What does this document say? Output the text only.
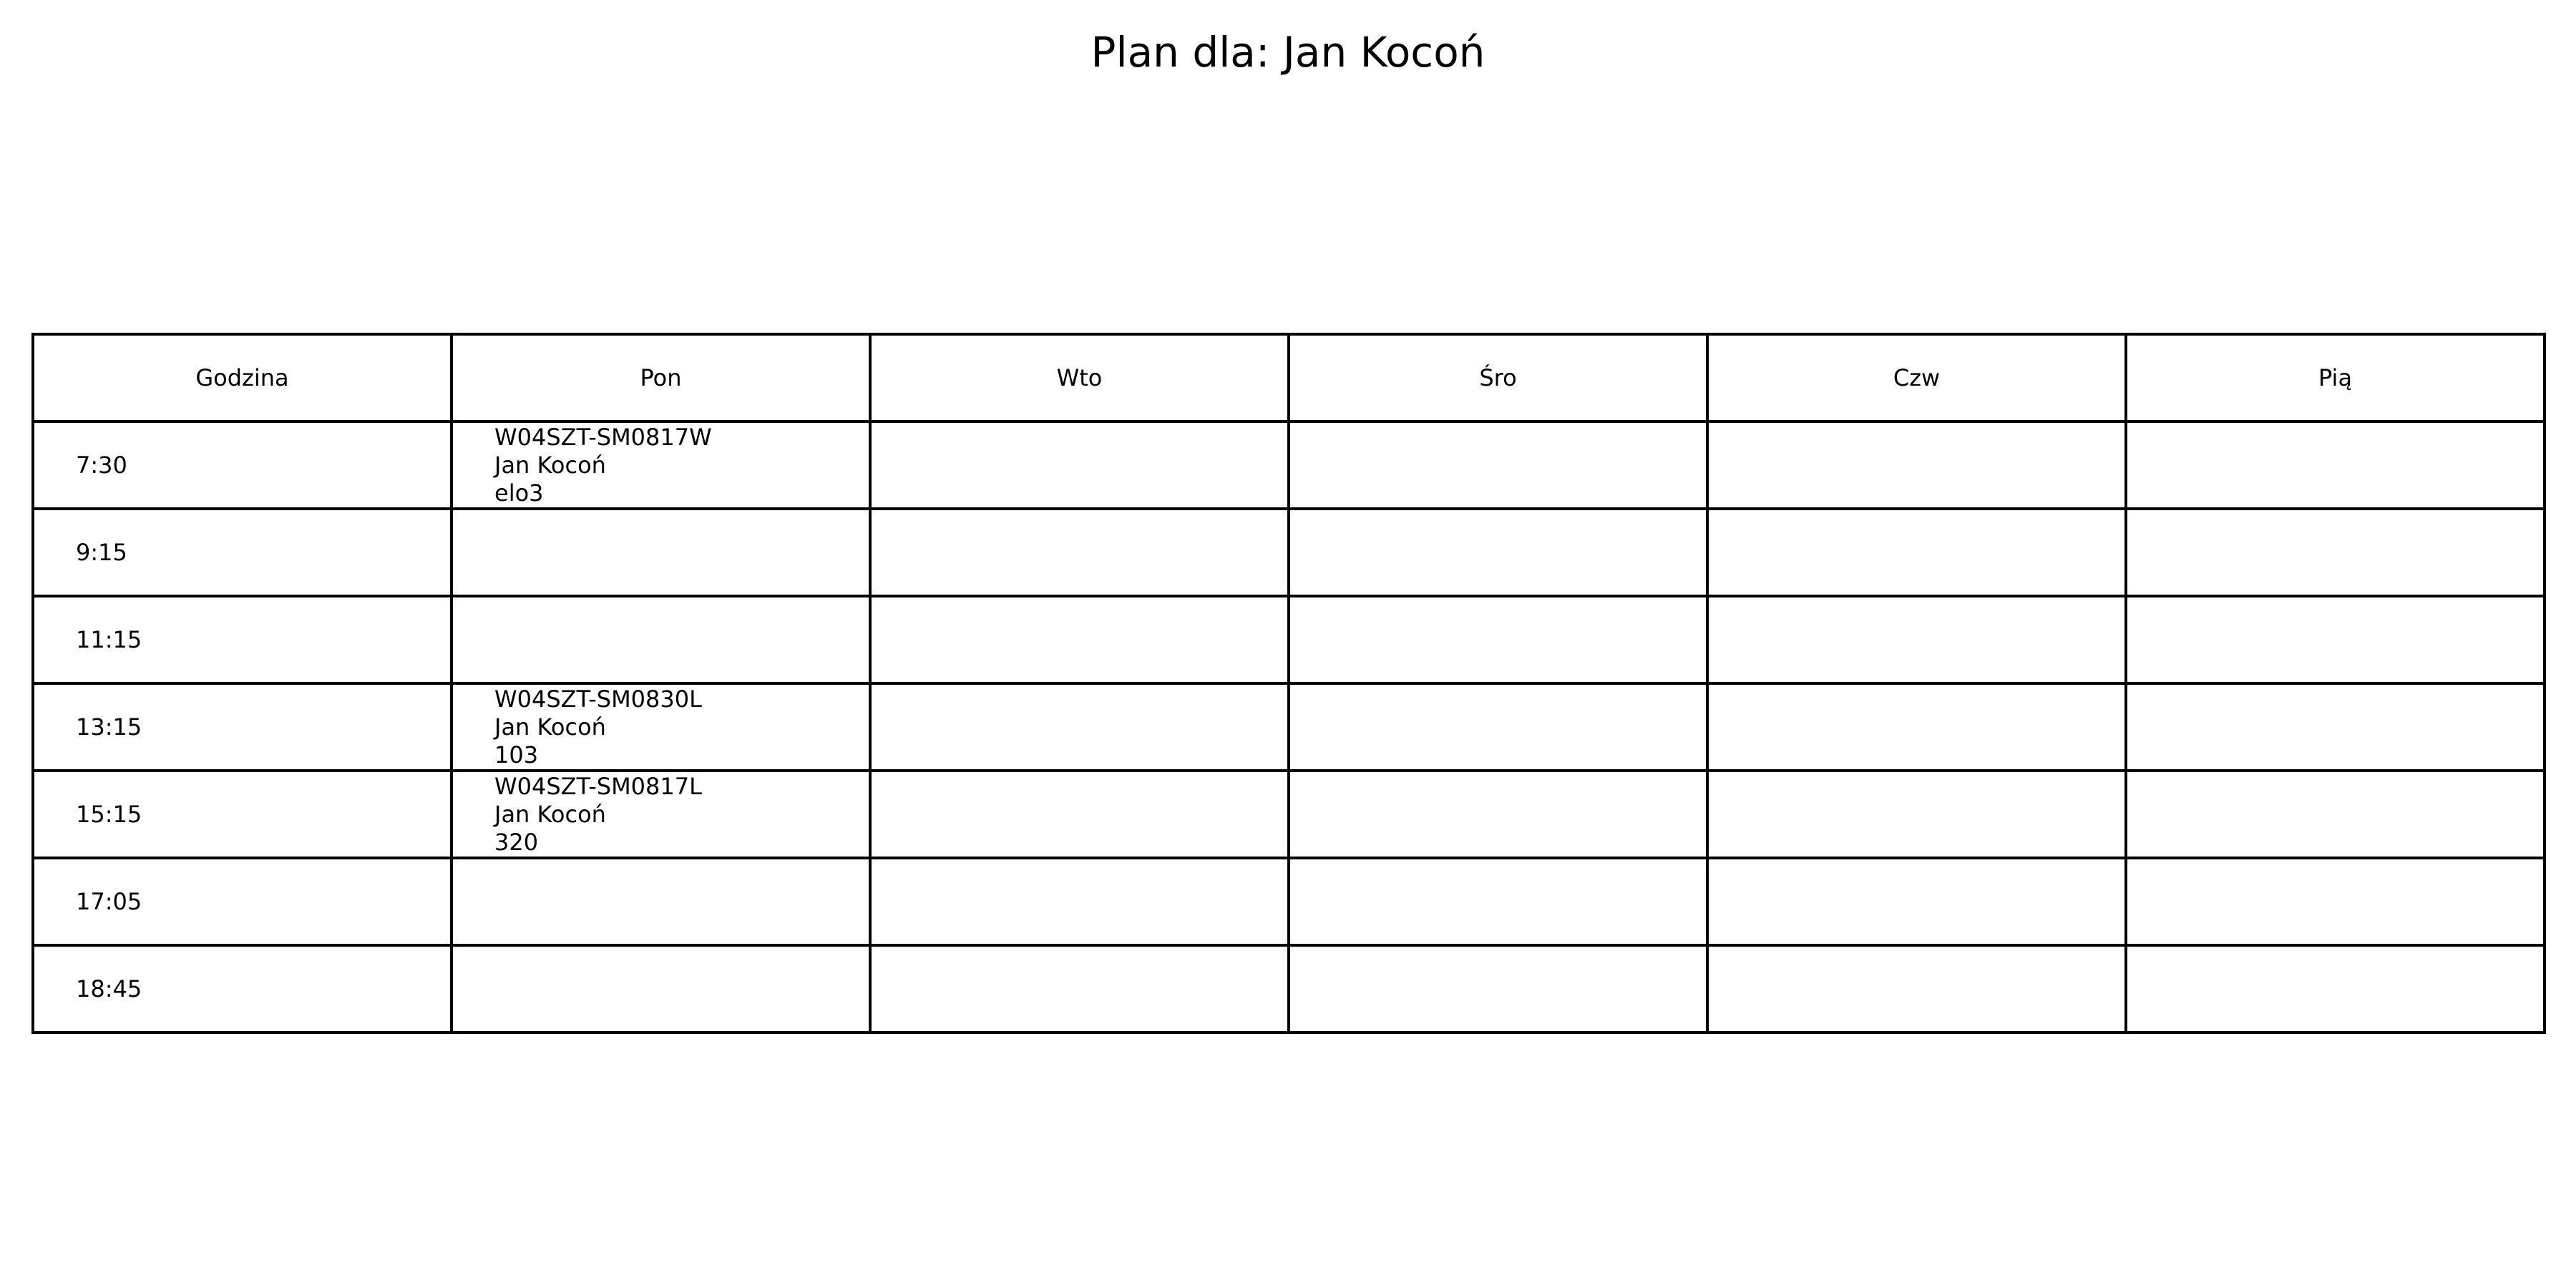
Plan dla: Jan Kocoń
Godzina	Pon	Wto	Śro	Czw	Pią
7:30	W04SZT-SM0817W
Jan Kocoń
elo3				

9:15					
11:15					
13:15	W04SZT-SM0830L
Jan Kocoń
103				

15:15	W04SZT-SM0817L
Jan Kocoń
320				

17:05					
18:45					
